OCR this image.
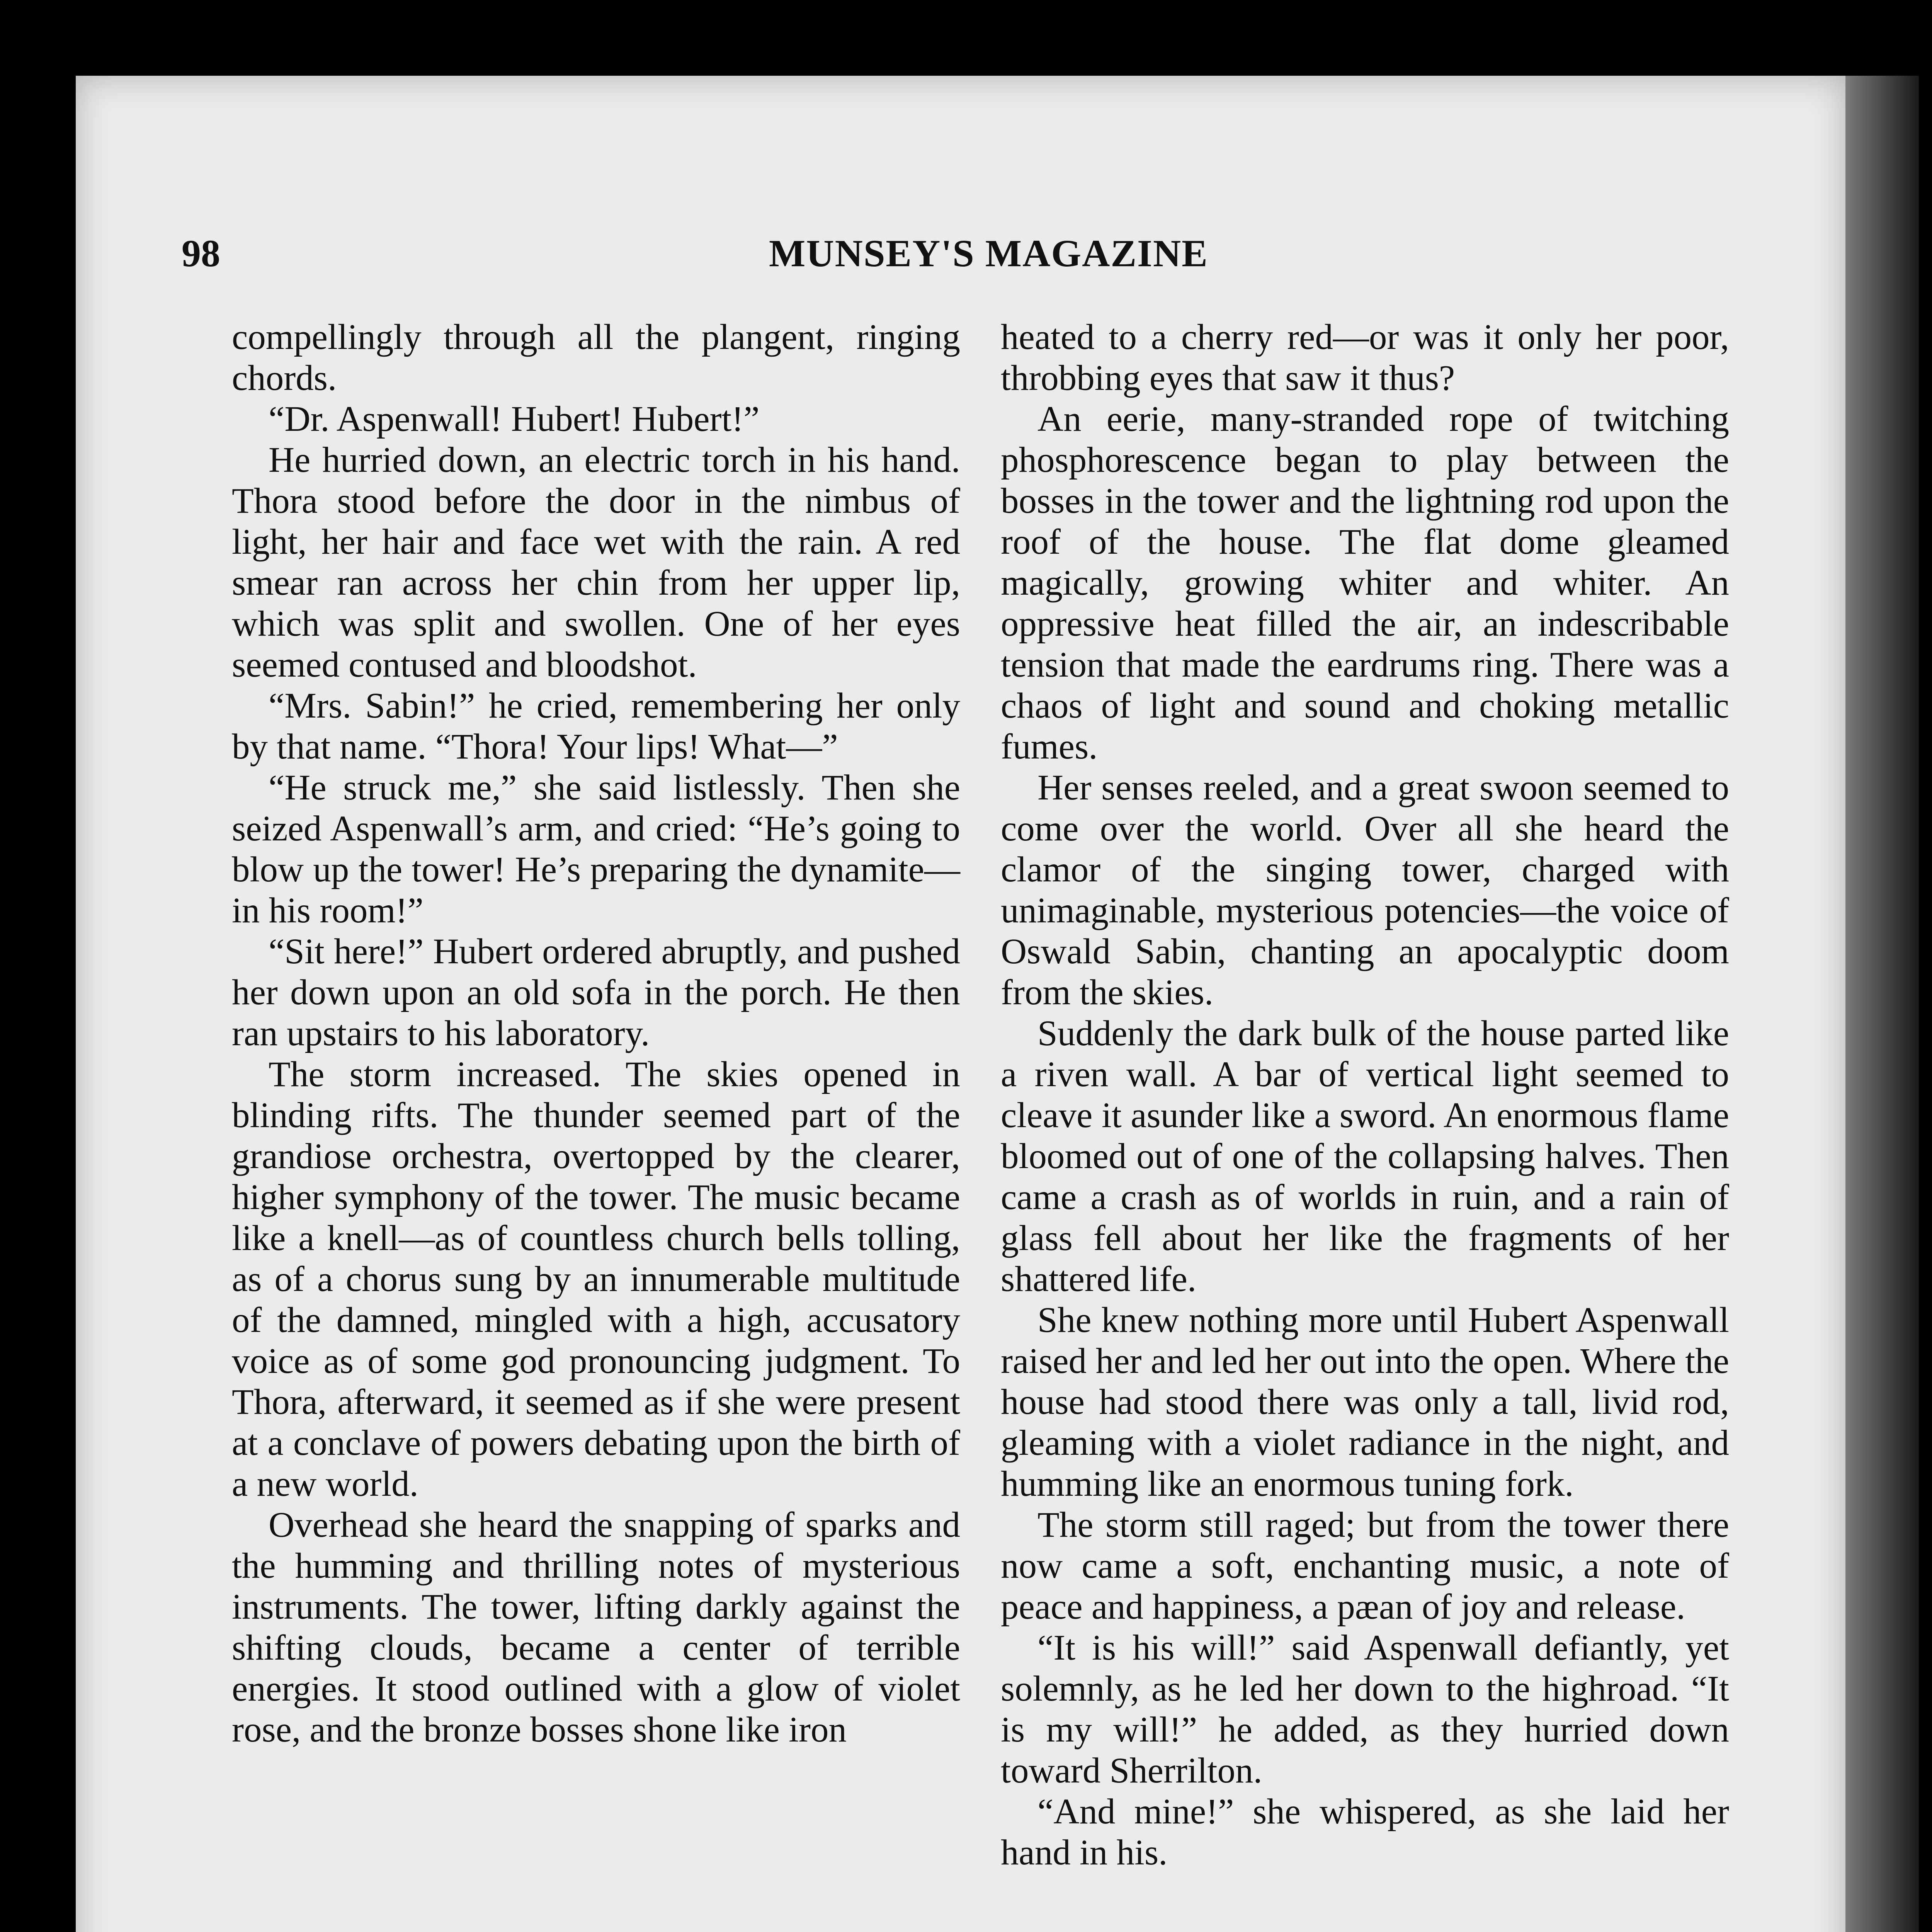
98	MUNSEY'S MAGAZINE

compellingly through all the plangent, ringing chords.

“Dr. Aspenwall! Hubert! Hubert!”

He hurried down, an electric torch in his hand. Thora stood before the door in the nimbus of light, her hair and face wet with the rain. A red smear ran across her chin from her upper lip, which was split and swollen. One of her eyes seemed contused and bloodshot.

“Mrs. Sabin!” he cried, remembering her only by that name. “Thora! Your lips! What—”

“He struck me,” she said listlessly. Then she seized Aspenwall’s arm, and cried: “He’s going to blow up the tower! He’s preparing the dynamite—in his room!”

“Sit here!” Hubert ordered abruptly, and pushed her down upon an old sofa in the porch. He then ran upstairs to his laboratory.

The storm increased. The skies opened in blinding rifts. The thunder seemed part of the grandiose orchestra, overtopped by the clearer, higher symphony of the tower. The music became like a knell—as of countless church bells tolling, as of a chorus sung by an innumerable multitude of the damned, mingled with a high, accusatory voice as of some god pronouncing judgment. To Thora, afterward, it seemed as if she were present at a conclave of powers debating upon the birth of a new world.

Overhead she heard the snapping of sparks and the humming and thrilling notes of mysterious instruments. The tower, lifting darkly against the shifting clouds, became a center of terrible energies. It stood outlined with a glow of violet rose, and the bronze bosses shone like iron

heated to a cherry red—or was it only her poor, throbbing eyes that saw it thus?

An eerie, many-stranded rope of twitching phosphorescence began to play between the bosses in the tower and the lightning rod upon the roof of the house. The flat dome gleamed magically, growing whiter and whiter. An oppressive heat filled the air, an indescribable tension that made the eardrums ring. There was a chaos of light and sound and choking metallic fumes.

Her senses reeled, and a great swoon seemed to come over the world. Over all she heard the clamor of the singing tower, charged with unimaginable, mysterious potencies—the voice of Oswald Sabin, chanting an apocalyptic doom from the skies.

Suddenly the dark bulk of the house parted like a riven wall. A bar of vertical light seemed to cleave it asunder like a sword. An enormous flame bloomed out of one of the collapsing halves. Then came a crash as of worlds in ruin, and a rain of glass fell about her like the fragments of her shattered life.

She knew nothing more until Hubert Aspenwall raised her and led her out into the open. Where the house had stood there was only a tall, livid rod, gleaming with a violet radiance in the night, and humming like an enormous tuning fork.

The storm still raged; but from the tower there now came a soft, enchanting music, a note of peace and happiness, a pæan of joy and release.

“It is his will!” said Aspenwall defiantly, yet solemnly, as he led her down to the highroad. “It is my will!” he added, as they hurried down toward Sherrilton.

“And mine!” she whispered, as she laid her hand in his.
